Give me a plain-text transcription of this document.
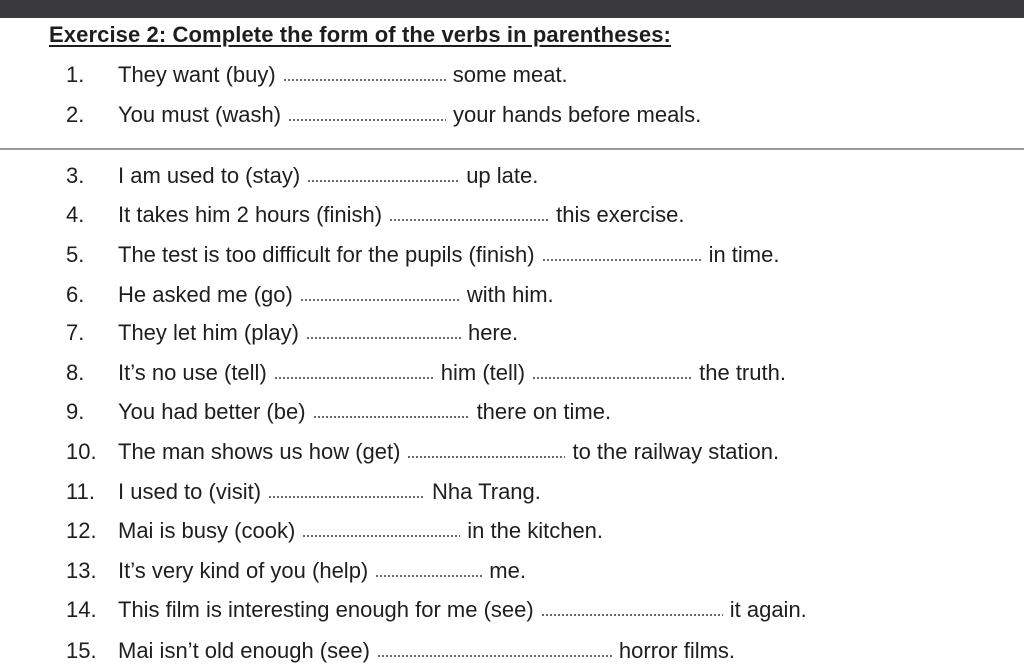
Exercise 2: Complete the form of the verbs in parentheses:
1. They want (buy)	some meat.
2. You must (wash)	your hands before meals.
3. I am used to (stay)	up late.
4. It takes him 2 hours (finish)	this exercise.
5. The test is too difficult for the pupils (finish)	in time.
6. He asked me (go)	with him.
7. They let him (play)	here.
8. It’s no use (tell)	him (tell)	the truth.
9. You had better (be)	there on time.
10. The man shows us how (get)	to the railway station.
11. I used to (visit)	Nha Trang.
12. Mai is busy (cook)	in the kitchen.
13. It’s very kind of you (help)	me.
14. This film is interesting enough for me (see)	it again.
15. Mai isn’t old enough (see)	horror films.
